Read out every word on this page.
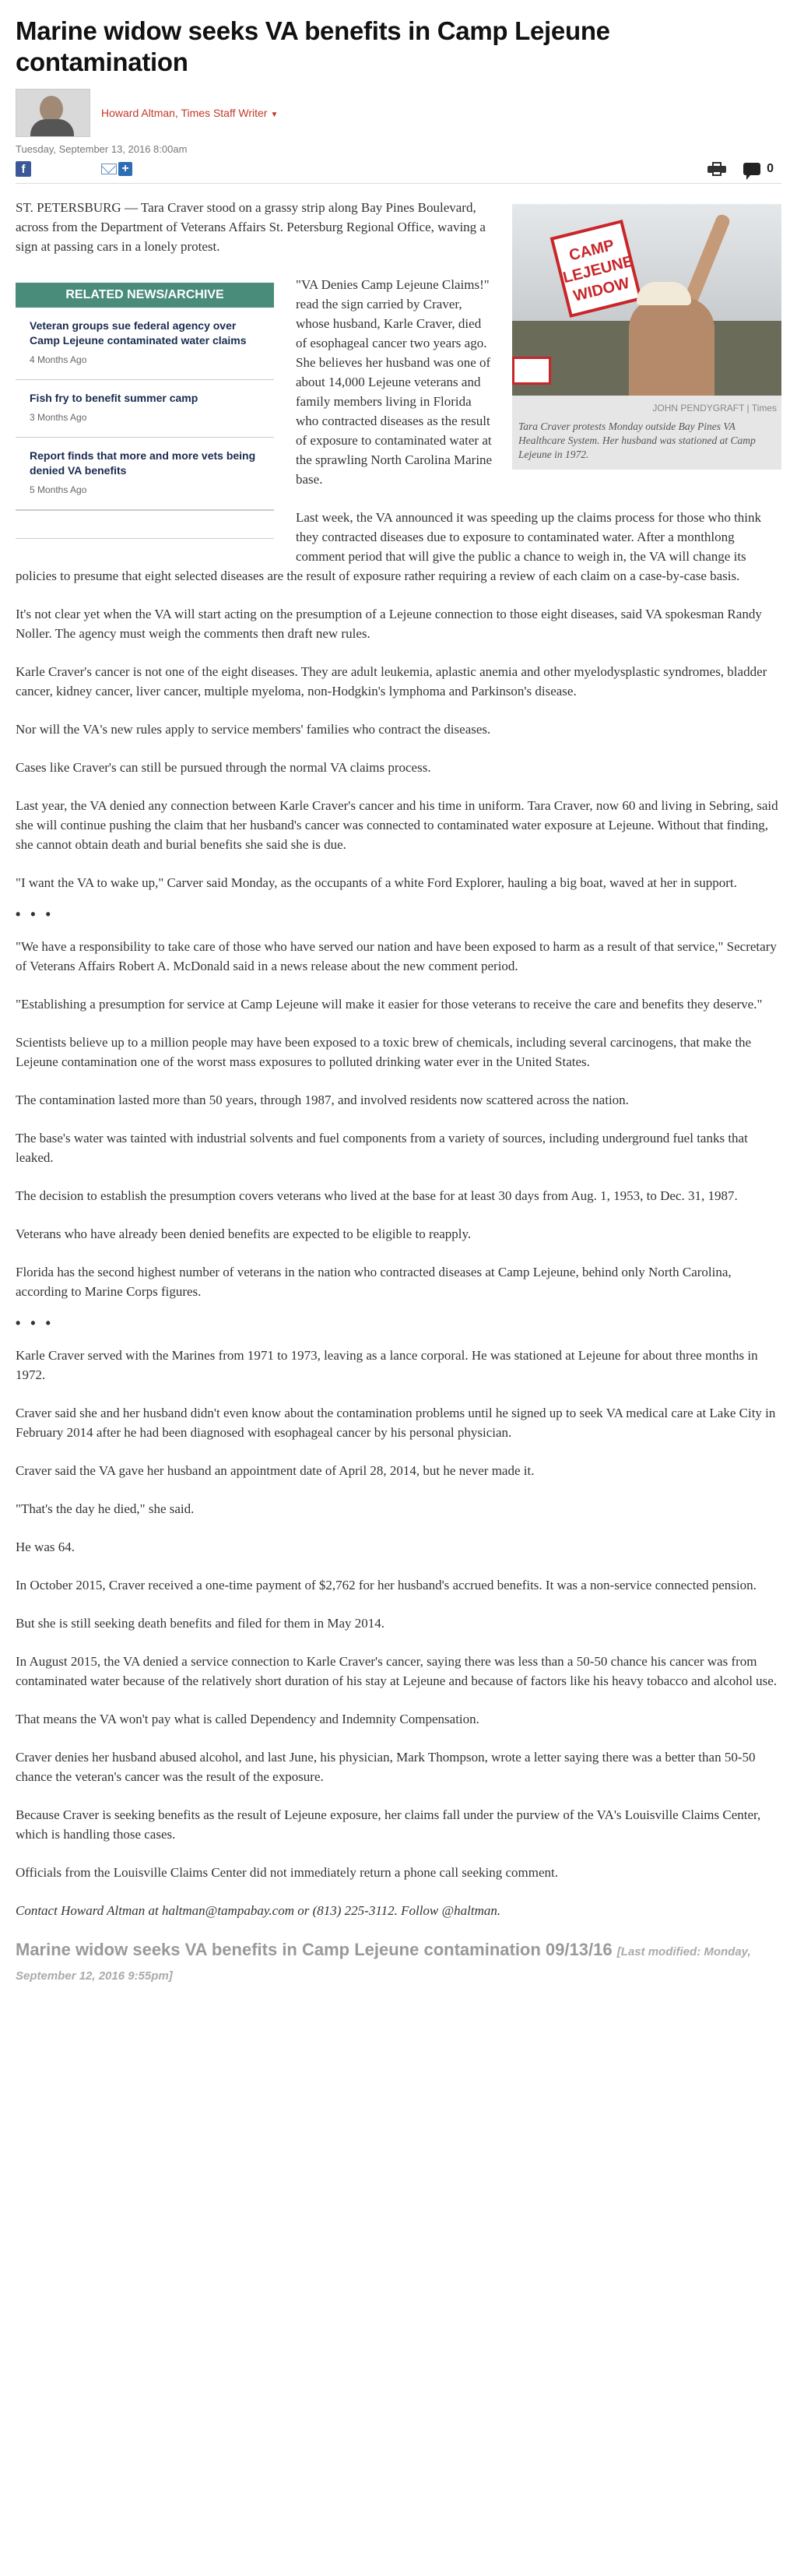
Marine widow seeks VA benefits in Camp Lejeune contamination
Howard Altman, Times Staff Writer ▼
Tuesday, September 13, 2016 8:00am
f	+	0
CAMP LEJEUNE WIDOW
JOHN PENDYGRAFT | Times
Tara Craver protests Monday outside Bay Pines VA Healthcare System. Her husband was stationed at Camp Lejeune in 1972.

ST. PETERSBURG — Tara Craver stood on a grassy strip along Bay Pines Boulevard, across from the Department of Veterans Affairs St. Petersburg Regional Office, waving a sign at passing cars in a lonely protest.

RELATED NEWS/ARCHIVE
Veteran groups sue federal agency over Camp Lejeune contaminated water claims
4 Months Ago
Fish fry to benefit summer camp
3 Months Ago
Report finds that more and more vets being denied VA benefits
5 Months Ago

"VA Denies Camp Lejeune Claims!" read the sign carried by Craver, whose husband, Karle Craver, died of esophageal cancer two years ago. She believes her husband was one of about 14,000 Lejeune veterans and family members living in Florida who contracted diseases as the result of exposure to contaminated water at the sprawling North Carolina Marine base.

Last week, the VA announced it was speeding up the claims process for those who think they contracted diseases due to exposure to contaminated water. After a monthlong comment period that will give the public a chance to weigh in, the VA will change its policies to presume that eight selected diseases are the result of exposure rather requiring a review of each claim on a case-by-case basis.

It's not clear yet when the VA will start acting on the presumption of a Lejeune connection to those eight diseases, said VA spokesman Randy Noller. The agency must weigh the comments then draft new rules.

Karle Craver's cancer is not one of the eight diseases. They are adult leukemia, aplastic anemia and other myelodysplastic syndromes, bladder cancer, kidney cancer, liver cancer, multiple myeloma, non-Hodgkin's lymphoma and Parkinson's disease.

Nor will the VA's new rules apply to service members' families who contract the diseases.

Cases like Craver's can still be pursued through the normal VA claims process.

Last year, the VA denied any connection between Karle Craver's cancer and his time in uniform. Tara Craver, now 60 and living in Sebring, said she will continue pushing the claim that her husband's cancer was connected to contaminated water exposure at Lejeune. Without that finding, she cannot obtain death and burial benefits she said she is due.

"I want the VA to wake up," Carver said Monday, as the occupants of a white Ford Explorer, hauling a big boat, waved at her in support.

• • •

"We have a responsibility to take care of those who have served our nation and have been exposed to harm as a result of that service," Secretary of Veterans Affairs Robert A. McDonald said in a news release about the new comment period.

"Establishing a presumption for service at Camp Lejeune will make it easier for those veterans to receive the care and benefits they deserve."

Scientists believe up to a million people may have been exposed to a toxic brew of chemicals, including several carcinogens, that make the Lejeune contamination one of the worst mass exposures to polluted drinking water ever in the United States.

The contamination lasted more than 50 years, through 1987, and involved residents now scattered across the nation.

The base's water was tainted with industrial solvents and fuel components from a variety of sources, including underground fuel tanks that leaked.

The decision to establish the presumption covers veterans who lived at the base for at least 30 days from Aug. 1, 1953, to Dec. 31, 1987.

Veterans who have already been denied benefits are expected to be eligible to reapply.

Florida has the second highest number of veterans in the nation who contracted diseases at Camp Lejeune, behind only North Carolina, according to Marine Corps figures.

• • •

Karle Craver served with the Marines from 1971 to 1973, leaving as a lance corporal. He was stationed at Lejeune for about three months in 1972.

Craver said she and her husband didn't even know about the contamination problems until he signed up to seek VA medical care at Lake City in February 2014 after he had been diagnosed with esophageal cancer by his personal physician.

Craver said the VA gave her husband an appointment date of April 28, 2014, but he never made it.

"That's the day he died," she said.

He was 64.

In October 2015, Craver received a one-time payment of $2,762 for her husband's accrued benefits. It was a non-service connected pension.

But she is still seeking death benefits and filed for them in May 2014.

In August 2015, the VA denied a service connection to Karle Craver's cancer, saying there was less than a 50-50 chance his cancer was from contaminated water because of the relatively short duration of his stay at Lejeune and because of factors like his heavy tobacco and alcohol use.

That means the VA won't pay what is called Dependency and Indemnity Compensation.

Craver denies her husband abused alcohol, and last June, his physician, Mark Thompson, wrote a letter saying there was a better than 50-50 chance the veteran's cancer was the result of the exposure.

Because Craver is seeking benefits as the result of Lejeune exposure, her claims fall under the purview of the VA's Louisville Claims Center, which is handling those cases.

Officials from the Louisville Claims Center did not immediately return a phone call seeking comment.

Contact Howard Altman at haltman@tampabay.com or (813) 225-3112. Follow @haltman.

Marine widow seeks VA benefits in Camp Lejeune contamination 09/13/16 [Last modified: Monday, September 12, 2016 9:55pm]
